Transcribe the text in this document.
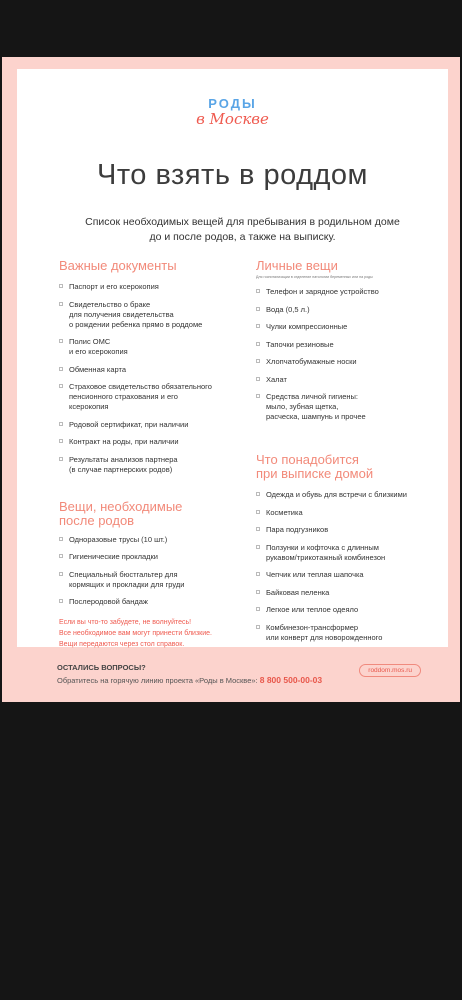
РОДЫ
в Москве
Что взять в роддом
Список необходимых вещей для пребывания в родильном доме
до и после родов, а также на выписку.
Важные документы
Паспорт и его ксерокопия
Свидетельство о браке
для получения свидетельства
о рождении ребенка прямо в роддоме
Полис ОМС
и его ксерокопия
Обменная карта
Страховое свидетельство обязательного
пенсионного страхования и его
ксерокопия
Родовой сертификат, при наличии
Контракт на роды, при наличии
Результаты анализов партнера
(в случае партнерских родов)
Вещи, необходимые
после родов
Одноразовые трусы (10 шт.)
Гигиенические прокладки
Специальный бюстгальтер для
кормящих и прокладки для груди
Послеродовой бандаж
Если вы что-то забудете, не волнуйтесь!
Все необходимое вам могут принести близкие.
Вещи передаются через стол справок.
Личные вещи
Для госпитализации в отделение патологии беременных или на роды
Телефон и зарядное устройство
Вода (0,5 л.)
Чулки компрессионные
Тапочки резиновые
Хлопчатобумажные носки
Халат
Средства личной гигиены:
мыло, зубная щетка,
расческа, шампунь и прочее
Что понадобится
при выписке домой
Одежда и обувь для встречи с близкими
Косметика
Пара подгузников
Ползунки и кофточка с длинным
рукавом/трикотажный комбинезон
Чепчик или теплая шапочка
Байковая пеленка
Легкое или теплое одеяло
Комбинезон-трансформер
или конверт для новорожденного
ОСТАЛИСЬ ВОПРОСЫ?
Обратитесь на горячую линию проекта «Роды в Москве»: 8 800 500-00-03
roddom.mos.ru
